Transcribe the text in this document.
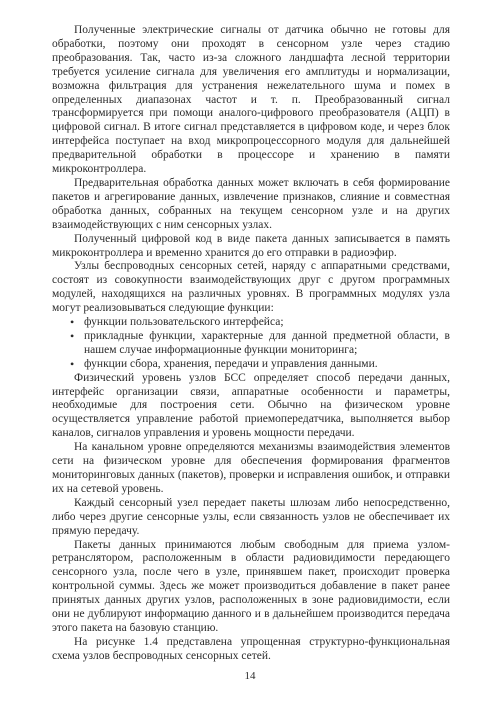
Полученные электрические сигналы от датчика обычно не готовы для обработки, поэтому они проходят в сенсорном узле через стадию преобразования. Так, часто из-за сложного ландшафта лесной территории требуется усиление сигнала для увеличения его амплитуды и нормализации, возможна фильтрация для устранения нежелательного шума и помех в определенных диапазонах частот и т. п. Преобразованный сигнал трансформируется при помощи аналого-цифрового преобразователя (АЦП) в цифровой сигнал. В итоге сигнал представляется в цифровом коде, и через блок интерфейса поступает на вход микропроцессорного модуля для дальнейшей предварительной обработки в процессоре и хранению в памяти микроконтроллера.

Предварительная обработка данных может включать в себя формирование пакетов и агрегирование данных, извлечение признаков, слияние и совместная обработка данных, собранных на текущем сенсорном узле и на других взаимодействующих с ним сенсорных узлах.

Полученный цифровой код в виде пакета данных записывается в память микроконтроллера и временно хранится до его отправки в радиоэфир.

Узлы беспроводных сенсорных сетей, наряду с аппаратными средствами, состоят из совокупности взаимодействующих друг с другом программных модулей, находящихся на различных уровнях. В программных модулях узла могут реализовываться следующие функции:

• функции пользовательского интерфейса;
• прикладные функции, характерные для данной предметной области, в нашем случае информационные функции мониторинга;
• функции сбора, хранения, передачи и управления данными.

Физический уровень узлов БСС определяет способ передачи данных, интерфейс организации связи, аппаратные особенности и параметры, необходимые для построения сети. Обычно на физическом уровне осуществляется управление работой приемопередатчика, выполняется выбор каналов, сигналов управления и уровень мощности передачи.

На канальном уровне определяются механизмы взаимодействия элементов сети на физическом уровне для обеспечения формирования фрагментов мониторинговых данных (пакетов), проверки и исправления ошибок, и отправки их на сетевой уровень.

Каждый сенсорный узел передает пакеты шлюзам либо непосредственно, либо через другие сенсорные узлы, если связанность узлов не обеспечивает их прямую передачу.

Пакеты данных принимаются любым свободным для приема узлом-ретранслятором, расположенным в области радиовидимости передающего сенсорного узла, после чего в узле, принявшем пакет, происходит проверка контрольной суммы. Здесь же может производиться добавление в пакет ранее принятых данных других узлов, расположенных в зоне радиовидимости, если они не дублируют информацию данного и в дальнейшем производится передача этого пакета на базовую станцию.

На рисунке 1.4 представлена упрощенная структурно-функциональная схема узлов беспроводных сенсорных сетей.

14
